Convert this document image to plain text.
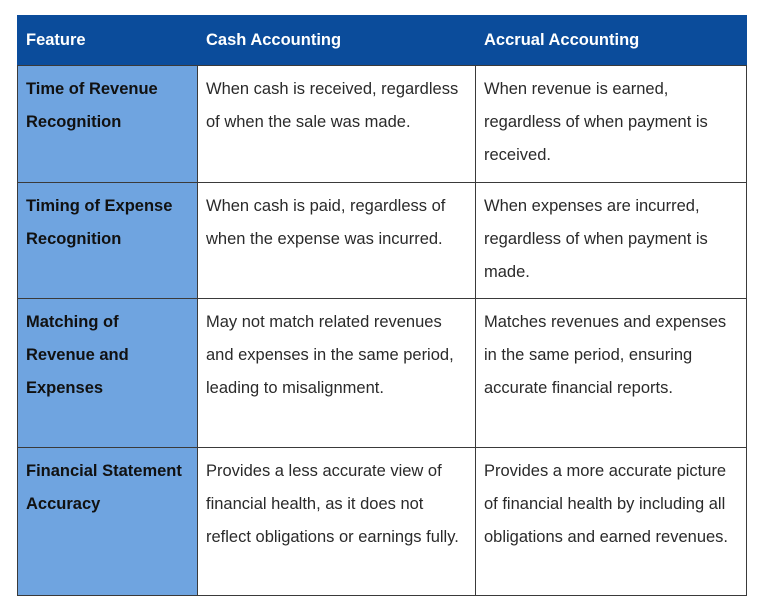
Feature	Cash Accounting	Accrual Accounting
Time of Revenue Recognition	When cash is received, regardless of when the sale was made.	When revenue is earned, regardless of when payment is received.
Timing of Expense Recognition	When cash is paid, regardless of when the expense was incurred.	When expenses are incurred, regardless of when payment is made.
Matching of Revenue and Expenses	May not match related revenues and expenses in the same period, leading to misalignment.	Matches revenues and expenses in the same period, ensuring accurate financial reports.
Financial Statement Accuracy	Provides a less accurate view of financial health, as it does not reflect obligations or earnings fully.	Provides a more accurate picture of financial health by including all obligations and earned revenues.
